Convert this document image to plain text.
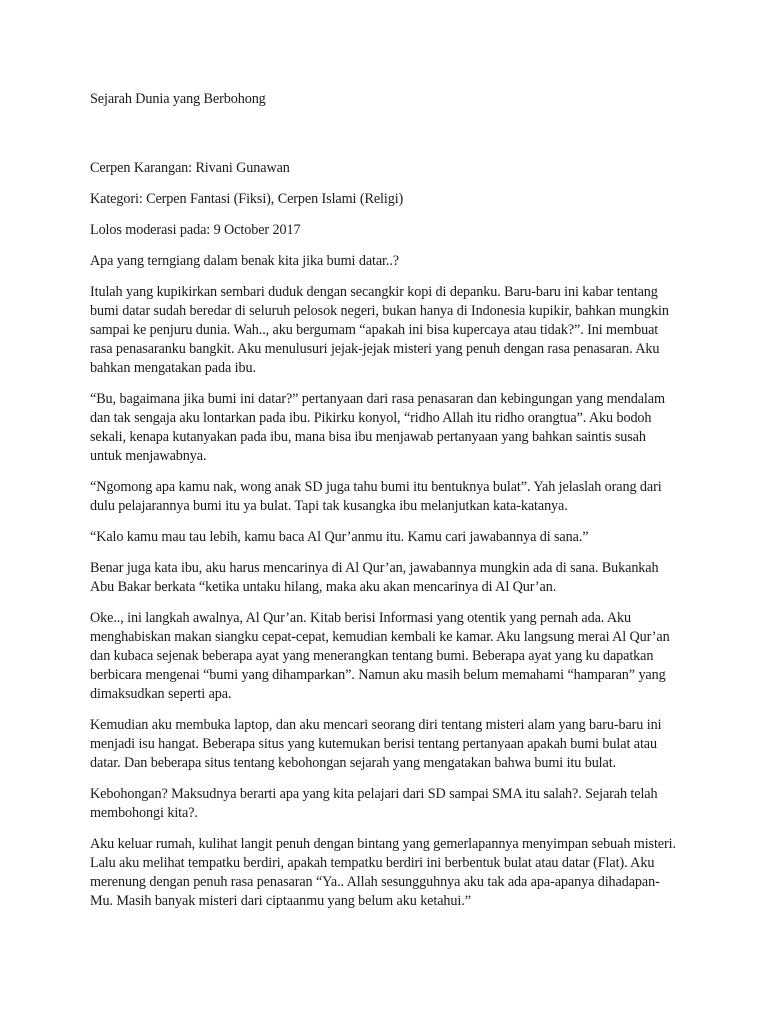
Sejarah Dunia yang Berbohong
Cerpen Karangan: Rivani Gunawan
Kategori: Cerpen Fantasi (Fiksi), Cerpen Islami (Religi)
Lolos moderasi pada: 9 October 2017

Apa yang terngiang dalam benak kita jika bumi datar..?

Itulah yang kupikirkan sembari duduk dengan secangkir kopi di depanku. Baru-baru ini kabar tentang bumi datar sudah beredar di seluruh pelosok negeri, bukan hanya di Indonesia kupikir, bahkan mungkin sampai ke penjuru dunia. Wah.., aku bergumam “apakah ini bisa kupercaya atau tidak?”. Ini membuat rasa penasaranku bangkit. Aku menulusuri jejak-jejak misteri yang penuh dengan rasa penasaran. Aku bahkan mengatakan pada ibu.

“Bu, bagaimana jika bumi ini datar?” pertanyaan dari rasa penasaran dan kebingungan yang mendalam dan tak sengaja aku lontarkan pada ibu. Pikirku konyol, “ridho Allah itu ridho orangtua”. Aku bodoh sekali, kenapa kutanyakan pada ibu, mana bisa ibu menjawab pertanyaan yang bahkan saintis susah untuk menjawabnya.

“Ngomong apa kamu nak, wong anak SD juga tahu bumi itu bentuknya bulat”. Yah jelaslah orang dari dulu pelajarannya bumi itu ya bulat. Tapi tak kusangka ibu melanjutkan kata-katanya.

“Kalo kamu mau tau lebih, kamu baca Al Qur’anmu itu. Kamu cari jawabannya di sana.”

Benar juga kata ibu, aku harus mencarinya di Al Qur’an, jawabannya mungkin ada di sana. Bukankah Abu Bakar berkata “ketika untaku hilang, maka aku akan mencarinya di Al Qur’an.

Oke.., ini langkah awalnya, Al Qur’an. Kitab berisi Informasi yang otentik yang pernah ada. Aku menghabiskan makan siangku cepat-cepat, kemudian kembali ke kamar. Aku langsung merai Al Qur’an dan kubaca sejenak beberapa ayat yang menerangkan tentang bumi. Beberapa ayat yang ku dapatkan berbicara mengenai “bumi yang dihamparkan”. Namun aku masih belum memahami “hamparan” yang dimaksudkan seperti apa.

Kemudian aku membuka laptop, dan aku mencari seorang diri tentang misteri alam yang baru-baru ini menjadi isu hangat. Beberapa situs yang kutemukan berisi tentang pertanyaan apakah bumi bulat atau datar. Dan beberapa situs tentang kebohongan sejarah yang mengatakan bahwa bumi itu bulat.

Kebohongan? Maksudnya berarti apa yang kita pelajari dari SD sampai SMA itu salah?. Sejarah telah membohongi kita?.

Aku keluar rumah, kulihat langit penuh dengan bintang yang gemerlapannya menyimpan sebuah misteri. Lalu aku melihat tempatku berdiri, apakah tempatku berdiri ini berbentuk bulat atau datar (Flat). Aku merenung dengan penuh rasa penasaran “Ya.. Allah sesungguhnya aku tak ada apa-apanya dihadapan-Mu. Masih banyak misteri dari ciptaanmu yang belum aku ketahui.”
